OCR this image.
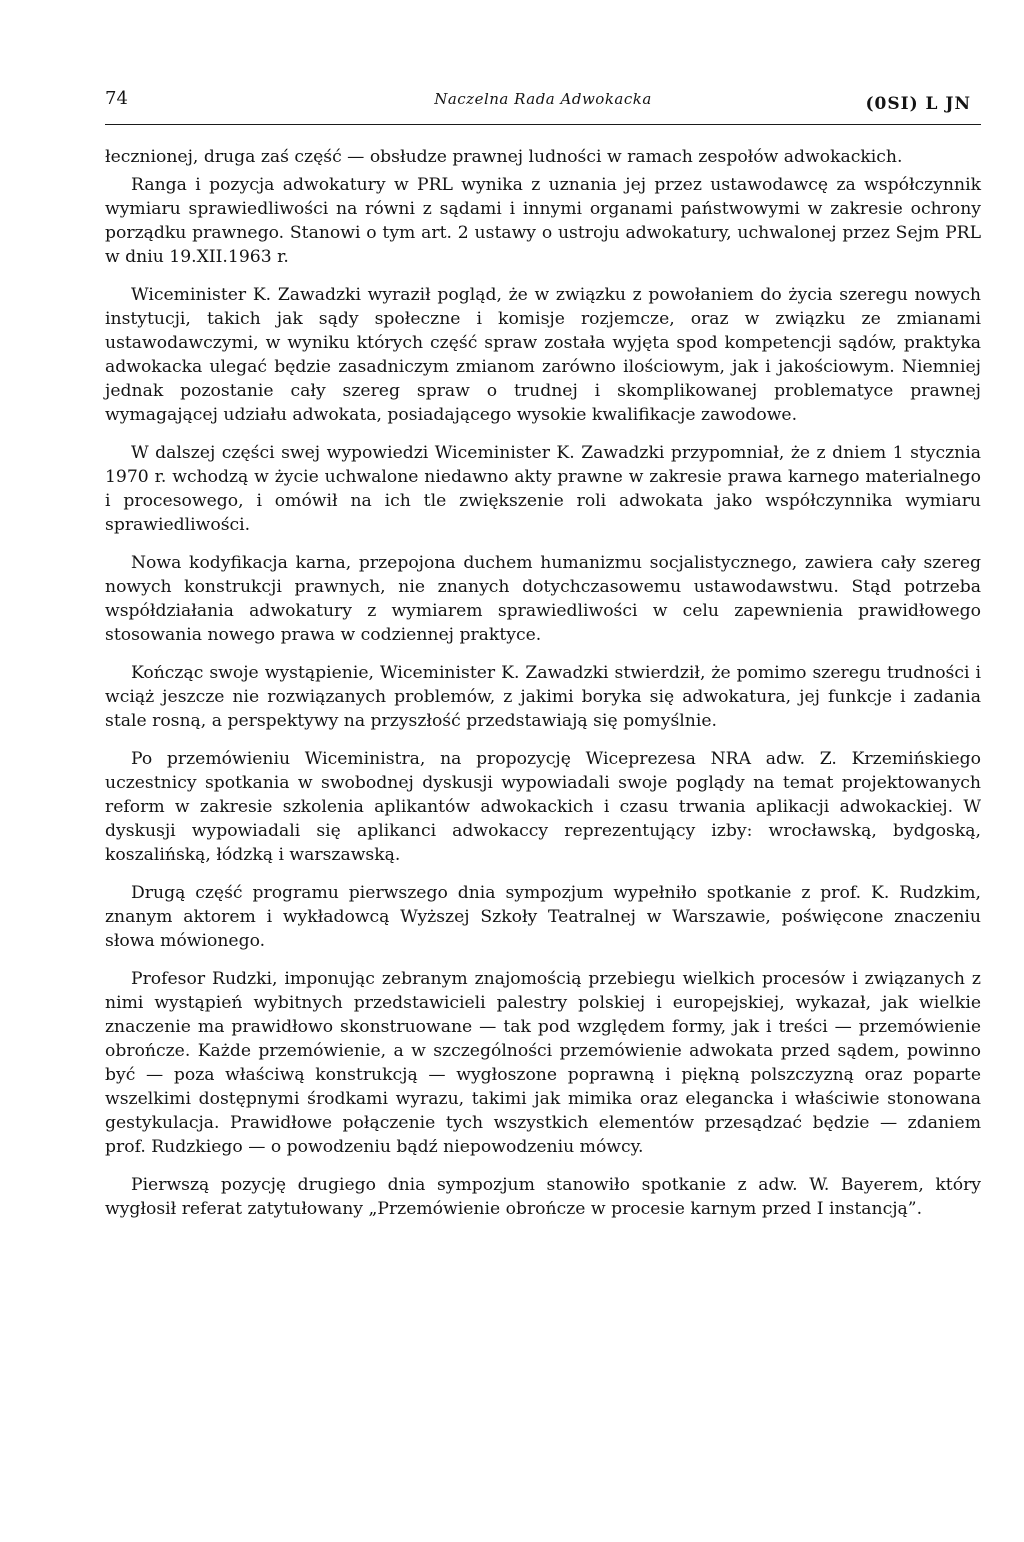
74	Naczelna Rada Adwokacka	(0SI) L JN

łecznionej, druga zaś część — obsłudze prawnej ludności w ramach zespołów adwokackich.

Ranga i pozycja adwokatury w PRL wynika z uznania jej przez ustawodawcę za współczynnik wymiaru sprawiedliwości na równi z sądami i innymi organami państwowymi w zakresie ochrony porządku prawnego. Stanowi o tym art. 2 ustawy o ustroju adwokatury, uchwalonej przez Sejm PRL w dniu 19.XII.1963 r.

Wiceminister K. Zawadzki wyraził pogląd, że w związku z powołaniem do życia szeregu nowych instytucji, takich jak sądy społeczne i komisje rozjemcze, oraz w związku ze zmianami ustawodawczymi, w wyniku których część spraw została wyjęta spod kompetencji sądów, praktyka adwokacka ulegać będzie zasadniczym zmianom zarówno ilościowym, jak i jakościowym. Niemniej jednak pozostanie cały szereg spraw o trudnej i skomplikowanej problematyce prawnej wymagającej udziału adwokata, posiadającego wysokie kwalifikacje zawodowe.

W dalszej części swej wypowiedzi Wiceminister K. Zawadzki przypomniał, że z dniem 1 stycznia 1970 r. wchodzą w życie uchwalone niedawno akty prawne w zakresie prawa karnego materialnego i procesowego, i omówił na ich tle zwiększenie roli adwokata jako współczynnika wymiaru sprawiedliwości.

Nowa kodyfikacja karna, przepojona duchem humanizmu socjalistycznego, zawiera cały szereg nowych konstrukcji prawnych, nie znanych dotychczasowemu ustawodawstwu. Stąd potrzeba współdziałania adwokatury z wymiarem sprawiedliwości w celu zapewnienia prawidłowego stosowania nowego prawa w codziennej praktyce.

Kończąc swoje wystąpienie, Wiceminister K. Zawadzki stwierdził, że pomimo szeregu trudności i wciąż jeszcze nie rozwiązanych problemów, z jakimi boryka się adwokatura, jej funkcje i zadania stale rosną, a perspektywy na przyszłość przedstawiają się pomyślnie.

Po przemówieniu Wiceministra, na propozycję Wiceprezesa NRA adw. Z. Krzemińskiego uczestnicy spotkania w swobodnej dyskusji wypowiadali swoje poglądy na temat projektowanych reform w zakresie szkolenia aplikantów adwokackich i czasu trwania aplikacji adwokackiej. W dyskusji wypowiadali się aplikanci adwokaccy reprezentujący izby: wrocławską, bydgoską, koszalińską, łódzką i warszawską.

Drugą część programu pierwszego dnia sympozjum wypełniło spotkanie z prof. K. Rudzkim, znanym aktorem i wykładowcą Wyższej Szkoły Teatralnej w Warszawie, poświęcone znaczeniu słowa mówionego.

Profesor Rudzki, imponując zebranym znajomością przebiegu wielkich procesów i związanych z nimi wystąpień wybitnych przedstawicieli palestry polskiej i europejskiej, wykazał, jak wielkie znaczenie ma prawidłowo skonstruowane — tak pod względem formy, jak i treści — przemówienie obrończe. Każde przemówienie, a w szczególności przemówienie adwokata przed sądem, powinno być — poza właściwą konstrukcją — wygłoszone poprawną i piękną polszczyzną oraz poparte wszelkimi dostępnymi środkami wyrazu, takimi jak mimika oraz elegancka i właściwie stonowana gestykulacja. Prawidłowe połączenie tych wszystkich elementów przesądzać będzie — zdaniem prof. Rudzkiego — o powodzeniu bądź niepowodzeniu mówcy.

Pierwszą pozycję drugiego dnia sympozjum stanowiło spotkanie z adw. W. Bayerem, który wygłosił referat zatytułowany „Przemówienie obrończe w procesie karnym przed I instancją”.
